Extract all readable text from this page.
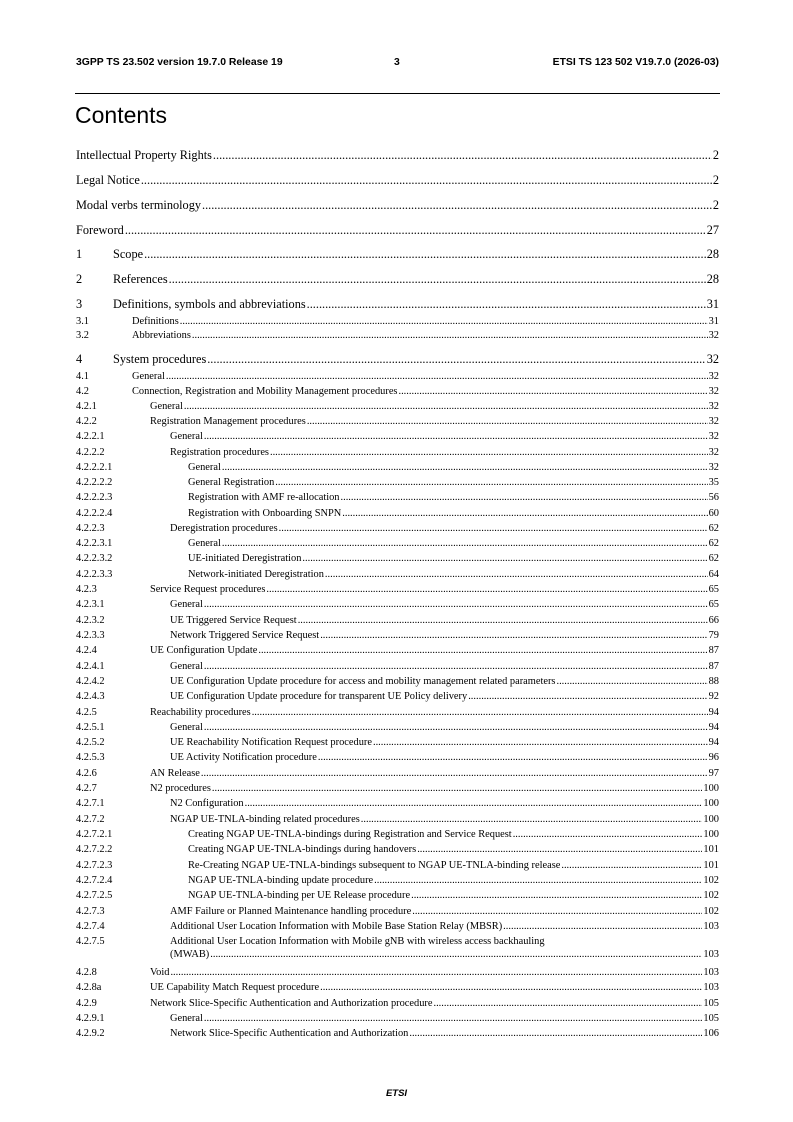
3GPP TS 23.502 version 19.7.0 Release 19	3	ETSI TS 123 502 V19.7.0 (2026-03)
Contents
Intellectual Property Rights .....	2
Legal Notice .....	2
Modal verbs terminology .....	2
Foreword .....	27
1	Scope .....	28
2	References .....	28
3	Definitions, symbols and abbreviations .....	31
3.1	Definitions .....	31
3.2	Abbreviations .....	32
4	System procedures .....	32
4.1	General .....	32
4.2	Connection, Registration and Mobility Management procedures .....	32
4.2.1	General .....	32
4.2.2	Registration Management procedures .....	32
4.2.2.1	General .....	32
4.2.2.2	Registration procedures .....	32
4.2.2.2.1	General .....	32
4.2.2.2.2	General Registration .....	35
4.2.2.2.3	Registration with AMF re-allocation .....	56
4.2.2.2.4	Registration with Onboarding SNPN .....	60
4.2.2.3	Deregistration procedures .....	62
4.2.2.3.1	General .....	62
4.2.2.3.2	UE-initiated Deregistration .....	62
4.2.2.3.3	Network-initiated Deregistration .....	64
4.2.3	Service Request procedures .....	65
4.2.3.1	General .....	65
4.2.3.2	UE Triggered Service Request .....	66
4.2.3.3	Network Triggered Service Request .....	79
4.2.4	UE Configuration Update .....	87
4.2.4.1	General .....	87
4.2.4.2	UE Configuration Update procedure for access and mobility management related parameters .....	88
4.2.4.3	UE Configuration Update procedure for transparent UE Policy delivery .....	92
4.2.5	Reachability procedures .....	94
4.2.5.1	General .....	94
4.2.5.2	UE Reachability Notification Request procedure .....	94
4.2.5.3	UE Activity Notification procedure .....	96
4.2.6	AN Release .....	97
4.2.7	N2 procedures .....	100
4.2.7.1	N2 Configuration .....	100
4.2.7.2	NGAP UE-TNLA-binding related procedures .....	100
4.2.7.2.1	Creating NGAP UE-TNLA-bindings during Registration and Service Request .....	100
4.2.7.2.2	Creating NGAP UE-TNLA-bindings during handovers .....	101
4.2.7.2.3	Re-Creating NGAP UE-TNLA-bindings subsequent to NGAP UE-TNLA-binding release .....	101
4.2.7.2.4	NGAP UE-TNLA-binding update procedure .....	102
4.2.7.2.5	NGAP UE-TNLA-binding per UE Release procedure .....	102
4.2.7.3	AMF Failure or Planned Maintenance handling procedure .....	102
4.2.7.4	Additional User Location Information with Mobile Base Station Relay (MBSR) .....	103
4.2.7.5	Additional User Location Information with Mobile gNB with wireless access backhauling
(MWAB) .....	103
4.2.8	Void .....	103
4.2.8a	UE Capability Match Request procedure .....	103
4.2.9	Network Slice-Specific Authentication and Authorization procedure .....	105
4.2.9.1	General .....	105
4.2.9.2	Network Slice-Specific Authentication and Authorization .....	106
ETSI
